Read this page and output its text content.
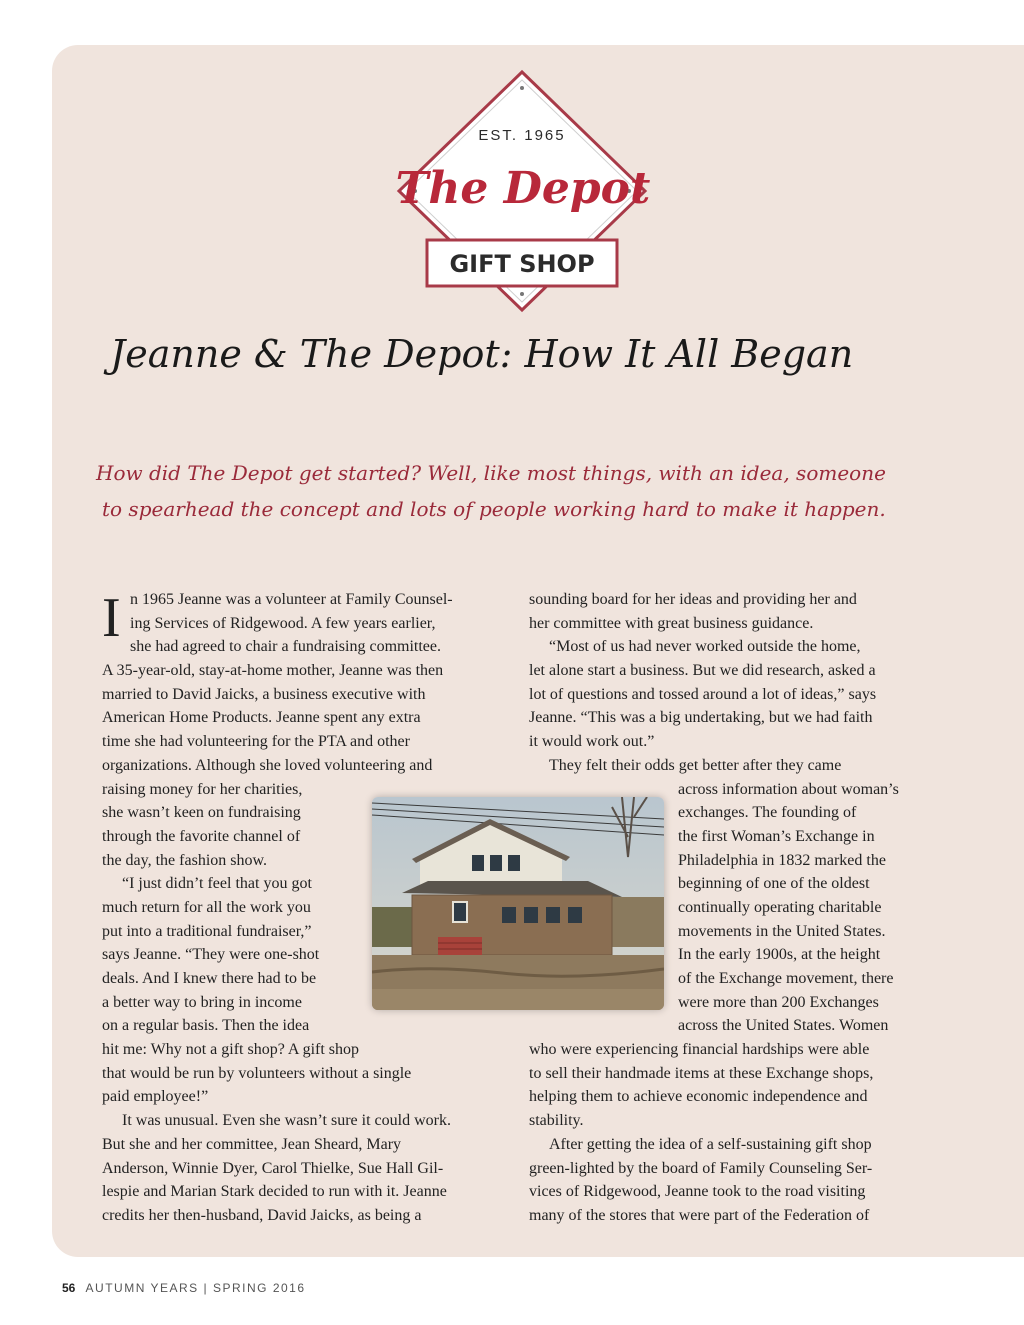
EST. 1965
The Depot
GIFT SHOP
Jeanne & The Depot: How It All Began
How did The Depot get started? Well, like most things, with an idea, someone
to spearhead the concept and lots of people working hard to make it happen.
I n 1965 Jeanne was a volunteer at Family Counsel-
ing Services of Ridgewood. A few years earlier,
she had agreed to chair a fundraising committee.
A 35-year-old, stay-at-home mother, Jeanne was then
married to David Jaicks, a business executive with
American Home Products. Jeanne spent any extra
time she had volunteering for the PTA and other
organizations. Although she loved volunteering and
raising money for her charities,
she wasn’t keen on fundraising
through the favorite channel of
the day, the fashion show.
“I just didn’t feel that you got
much return for all the work you
put into a traditional fundraiser,”
says Jeanne. “They were one-shot
deals. And I knew there had to be
a better way to bring in income
on a regular basis. Then the idea
hit me: Why not a gift shop? A gift shop
that would be run by volunteers without a single
paid employee!”
It was unusual. Even she wasn’t sure it could work.
But she and her committee, Jean Sheard, Mary
Anderson, Winnie Dyer, Carol Thielke, Sue Hall Gil-
lespie and Marian Stark decided to run with it. Jeanne
credits her then-husband, David Jaicks, as being a
sounding board for her ideas and providing her and
her committee with great business guidance.
“Most of us had never worked outside the home,
let alone start a business. But we did research, asked a
lot of questions and tossed around a lot of ideas,” says
Jeanne. “This was a big undertaking, but we had faith
it would work out.”
They felt their odds get better after they came
across information about woman’s
exchanges. The founding of
the first Woman’s Exchange in
Philadelphia in 1832 marked the
beginning of one of the oldest
continually operating charitable
movements in the United States.
In the early 1900s, at the height
of the Exchange movement, there
were more than 200 Exchanges
across the United States. Women
who were experiencing financial hardships were able
to sell their handmade items at these Exchange shops,
helping them to achieve economic independence and
stability.
After getting the idea of a self-sustaining gift shop
green-lighted by the board of Family Counseling Ser-
vices of Ridgewood, Jeanne took to the road visiting
many of the stores that were part of the Federation of
56 AUTUMN YEARS | SPRING 2016
